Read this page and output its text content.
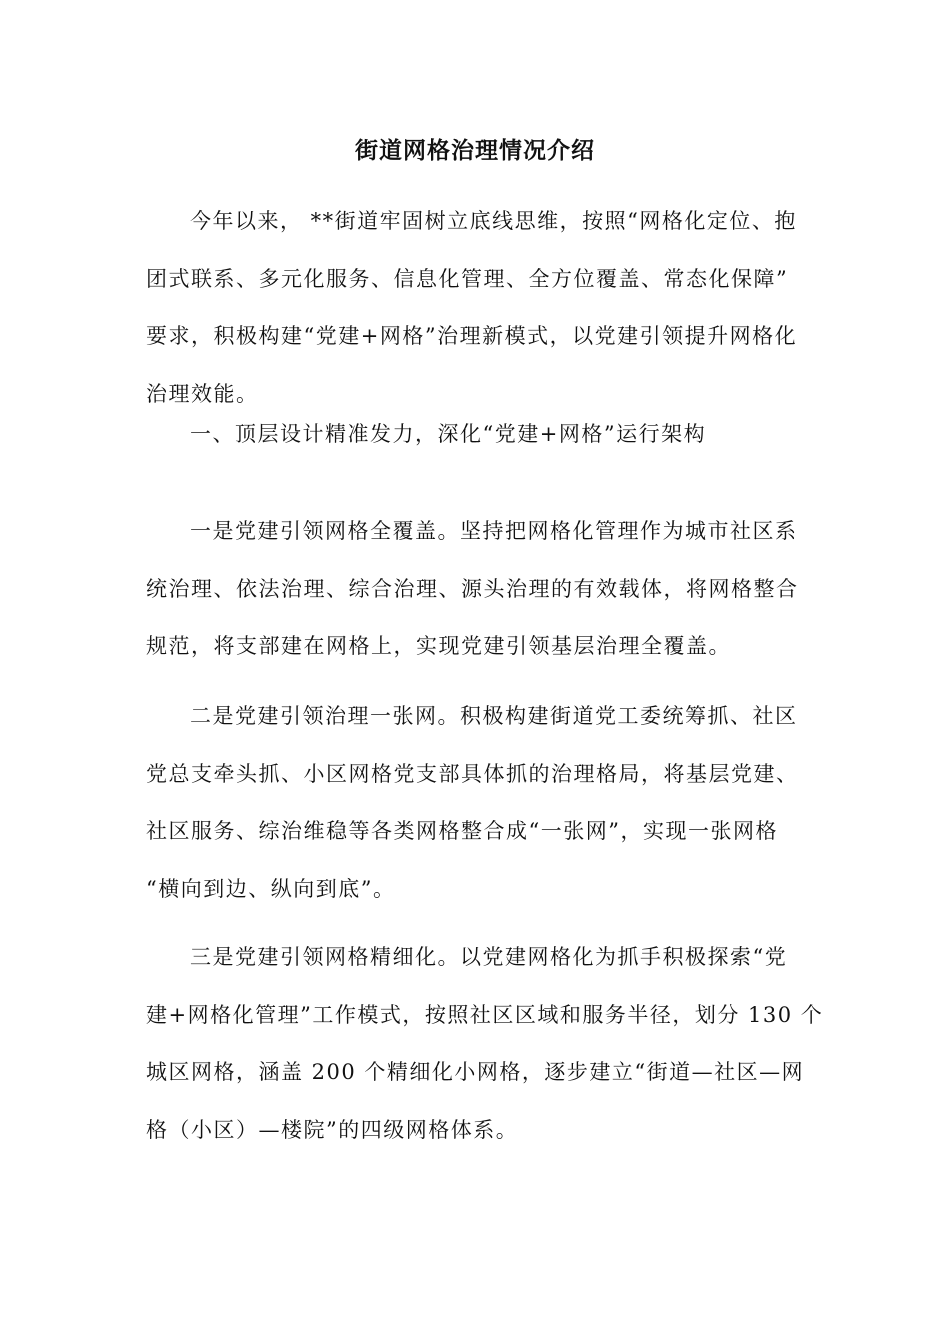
街道网格治理情况介绍
今年以来， **街道牢固树立底线思维，按照“网格化定位、抱
团式联系、多元化服务、信息化管理、全方位覆盖、常态化保障”
要求，积极构建“党建+网格”治理新模式，以党建引领提升网格化
治理效能。
一、顶层设计精准发力，深化“党建+网格”运行架构
一是党建引领网格全覆盖。坚持把网格化管理作为城市社区系
统治理、依法治理、综合治理、源头治理的有效载体，将网格整合
规范，将支部建在网格上，实现党建引领基层治理全覆盖。
二是党建引领治理一张网。积极构建街道党工委统筹抓、社区
党总支牵头抓、小区网格党支部具体抓的治理格局，将基层党建、
社区服务、综治维稳等各类网格整合成“一张网”，实现一张网格
“横向到边、纵向到底”。
三是党建引领网格精细化。以党建网格化为抓手积极探索“党
建+网格化管理”工作模式，按照社区区域和服务半径，划分 130 个
城区网格，涵盖 200 个精细化小网格，逐步建立“街道—社区—网
格（小区）—楼院”的四级网格体系。
